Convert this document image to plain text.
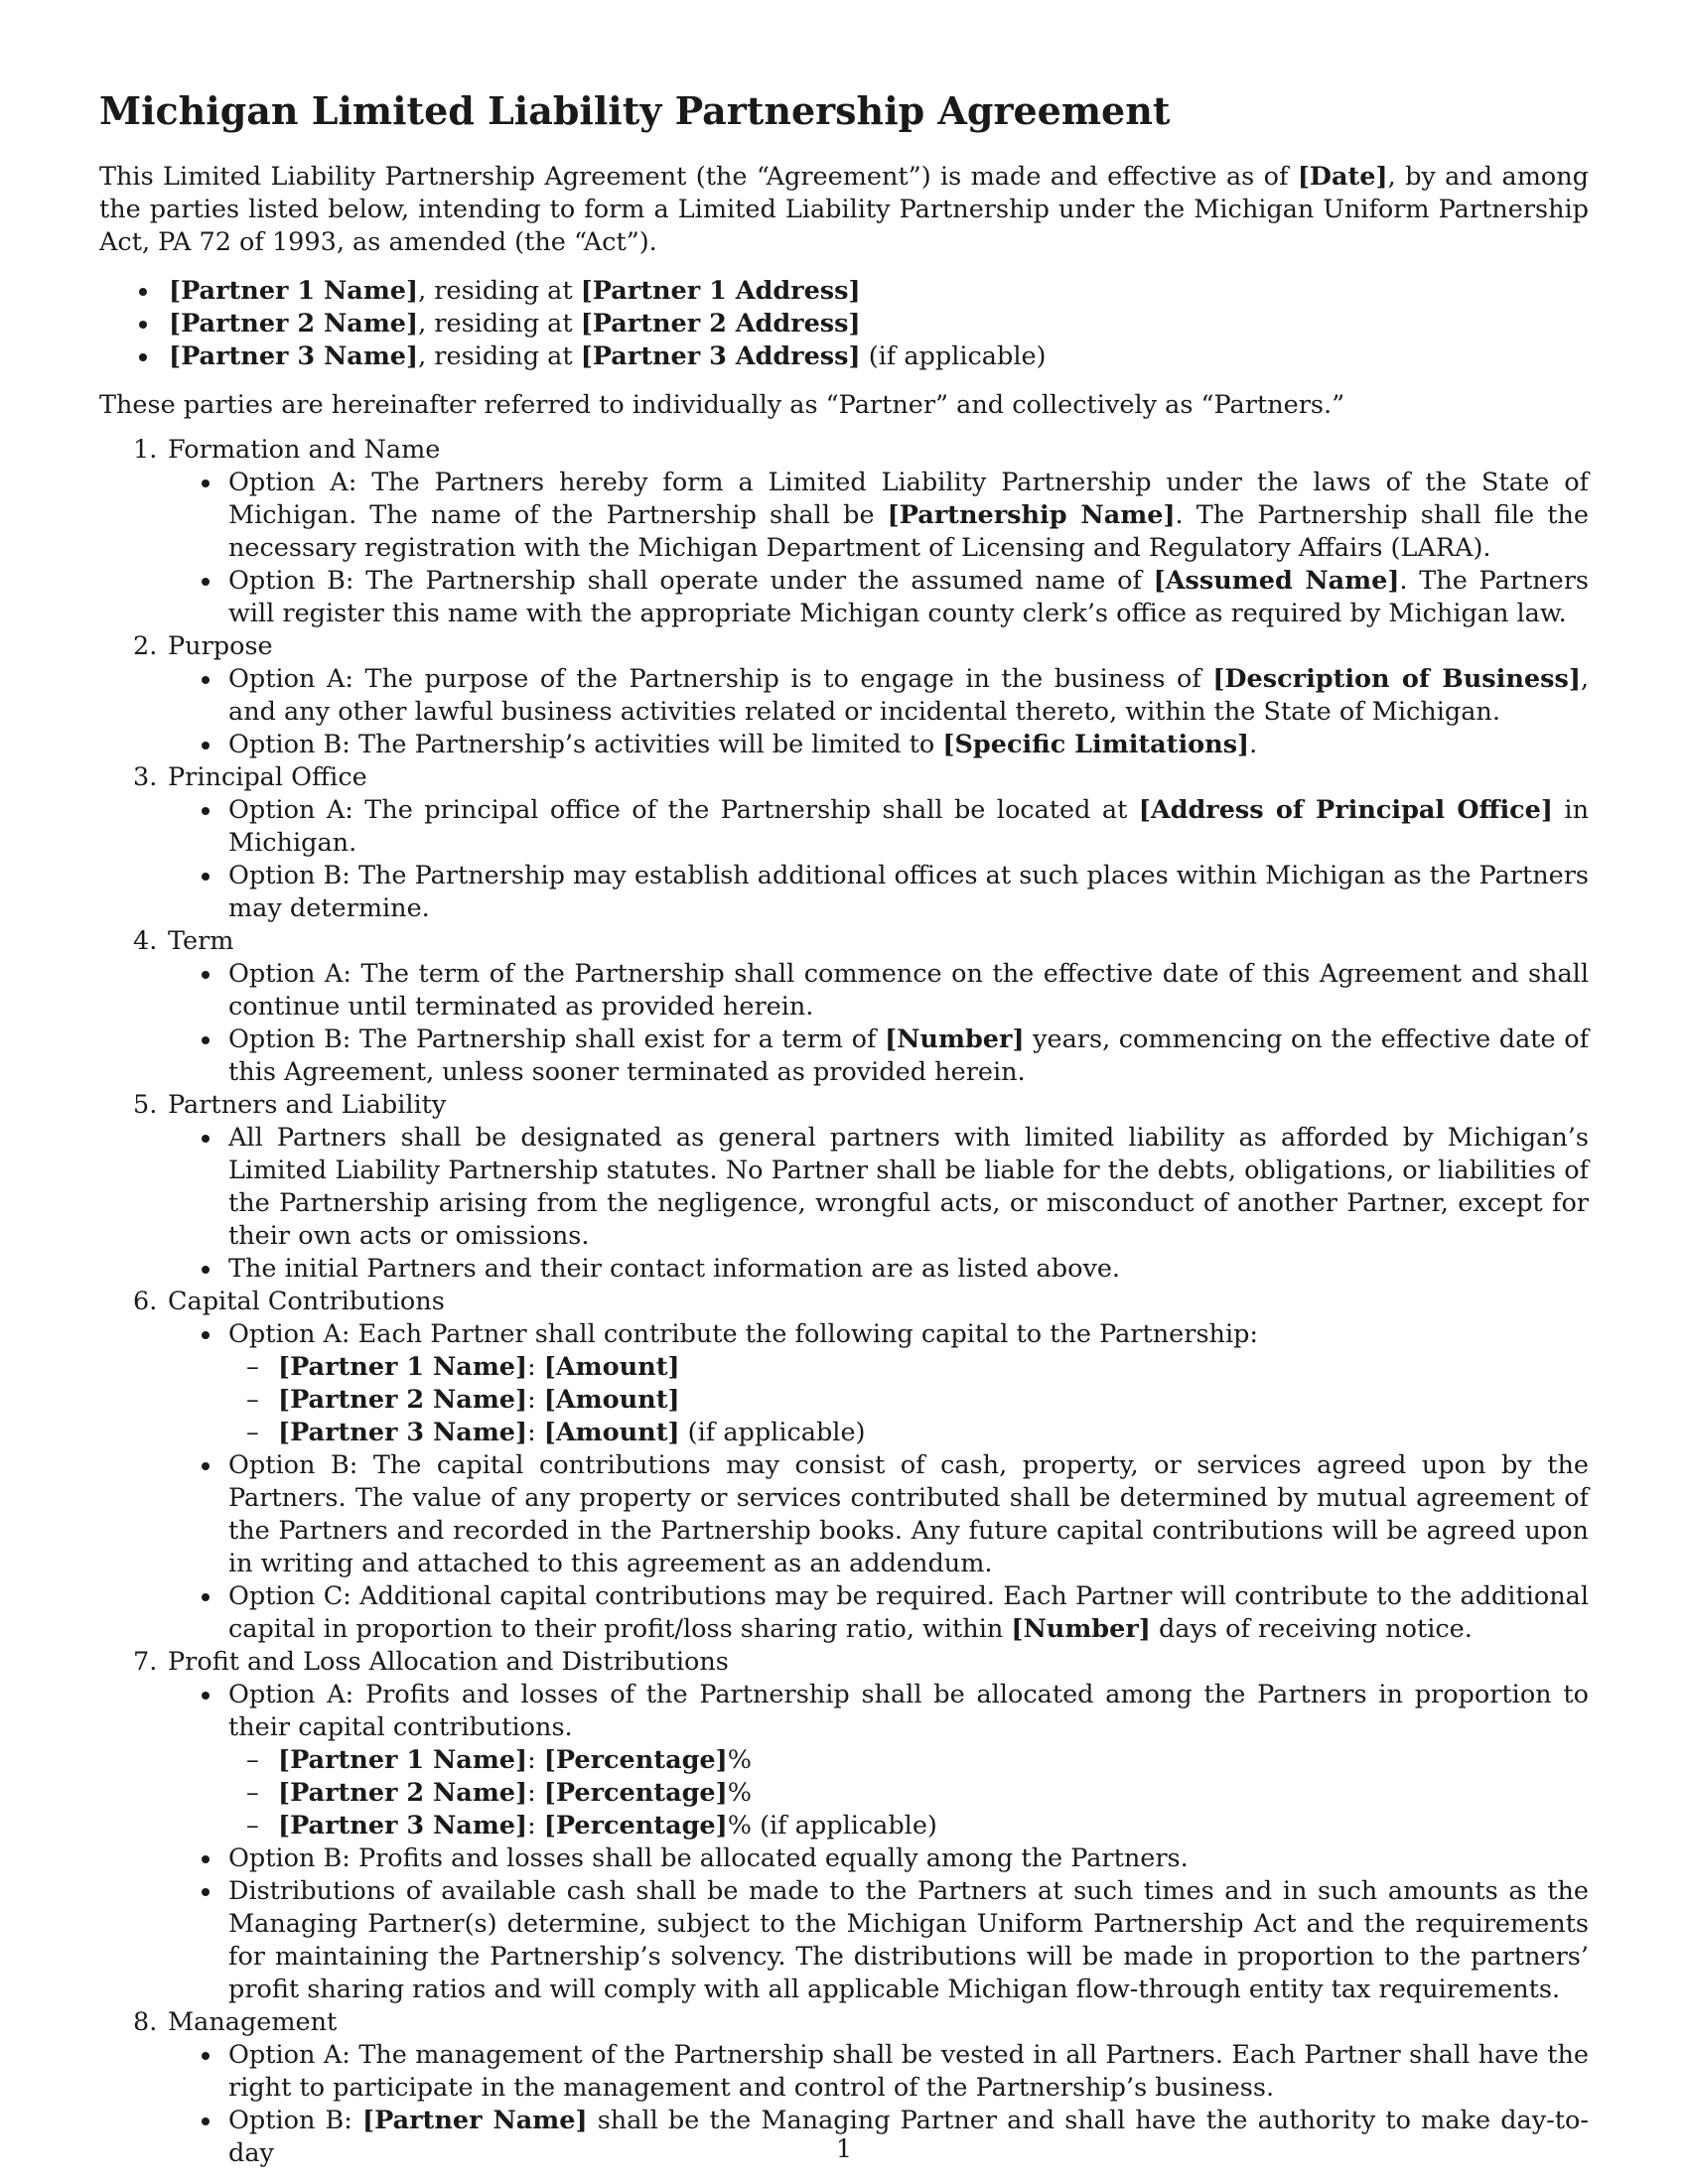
Michigan Limited Liability Partnership Agreement

This Limited Liability Partnership Agreement (the “Agreement”) is made and effective as of [Date], by and among the parties listed below, intending to form a Limited Liability Partnership under the Michigan Uniform Partnership Act, PA 72 of 1993, as amended (the “Act”).

[Partner 1 Name], residing at [Partner 1 Address]
[Partner 2 Name], residing at [Partner 2 Address]
[Partner 3 Name], residing at [Partner 3 Address] (if applicable)

These parties are hereinafter referred to individually as “Partner” and collectively as “Partners.”

1. Formation and Name
Option A: The Partners hereby form a Limited Liability Partnership under the laws of the State of Michigan. The name of the Partnership shall be [Partnership Name]. The Partnership shall file the necessary registration with the Michigan Department of Licensing and Regulatory Affairs (LARA).
Option B: The Partnership shall operate under the assumed name of [Assumed Name]. The Partners will register this name with the appropriate Michigan county clerk’s office as required by Michigan law.
2. Purpose
Option A: The purpose of the Partnership is to engage in the business of [Description of Business], and any other lawful business activities related or incidental thereto, within the State of Michigan.
Option B: The Partnership’s activities will be limited to [Specific Limitations].
3. Principal Office
Option A: The principal office of the Partnership shall be located at [Address of Principal Office] in Michigan.
Option B: The Partnership may establish additional offices at such places within Michigan as the Partners may determine.
4. Term
Option A: The term of the Partnership shall commence on the effective date of this Agreement and shall continue until terminated as provided herein.
Option B: The Partnership shall exist for a term of [Number] years, commencing on the effective date of this Agreement, unless sooner terminated as provided herein.
5. Partners and Liability
All Partners shall be designated as general partners with limited liability as afforded by Michigan’s Limited Liability Partnership statutes. No Partner shall be liable for the debts, obligations, or liabilities of the Partnership arising from the negligence, wrongful acts, or misconduct of another Partner, except for their own acts or omissions.
The initial Partners and their contact information are as listed above.
6. Capital Contributions
Option A: Each Partner shall contribute the following capital to the Partnership:
– [Partner 1 Name]: [Amount]
– [Partner 2 Name]: [Amount]
– [Partner 3 Name]: [Amount] (if applicable)
Option B: The capital contributions may consist of cash, property, or services agreed upon by the Partners. The value of any property or services contributed shall be determined by mutual agreement of the Partners and recorded in the Partnership books. Any future capital contributions will be agreed upon in writing and attached to this agreement as an addendum.
Option C: Additional capital contributions may be required. Each Partner will contribute to the additional capital in proportion to their profit/loss sharing ratio, within [Number] days of receiving notice.
7. Profit and Loss Allocation and Distributions
Option A: Profits and losses of the Partnership shall be allocated among the Partners in proportion to their capital contributions.
– [Partner 1 Name]: [Percentage]%
– [Partner 2 Name]: [Percentage]%
– [Partner 3 Name]: [Percentage]% (if applicable)
Option B: Profits and losses shall be allocated equally among the Partners.
Distributions of available cash shall be made to the Partners at such times and in such amounts as the Managing Partner(s) determine, subject to the Michigan Uniform Partnership Act and the requirements for maintaining the Partnership’s solvency. The distributions will be made in proportion to the partners’ profit sharing ratios and will comply with all applicable Michigan flow-through entity tax requirements.
8. Management
Option A: The management of the Partnership shall be vested in all Partners. Each Partner shall have the right to participate in the management and control of the Partnership’s business.
Option B: [Partner Name] shall be the Managing Partner and shall have the authority to make day-to-day	1
